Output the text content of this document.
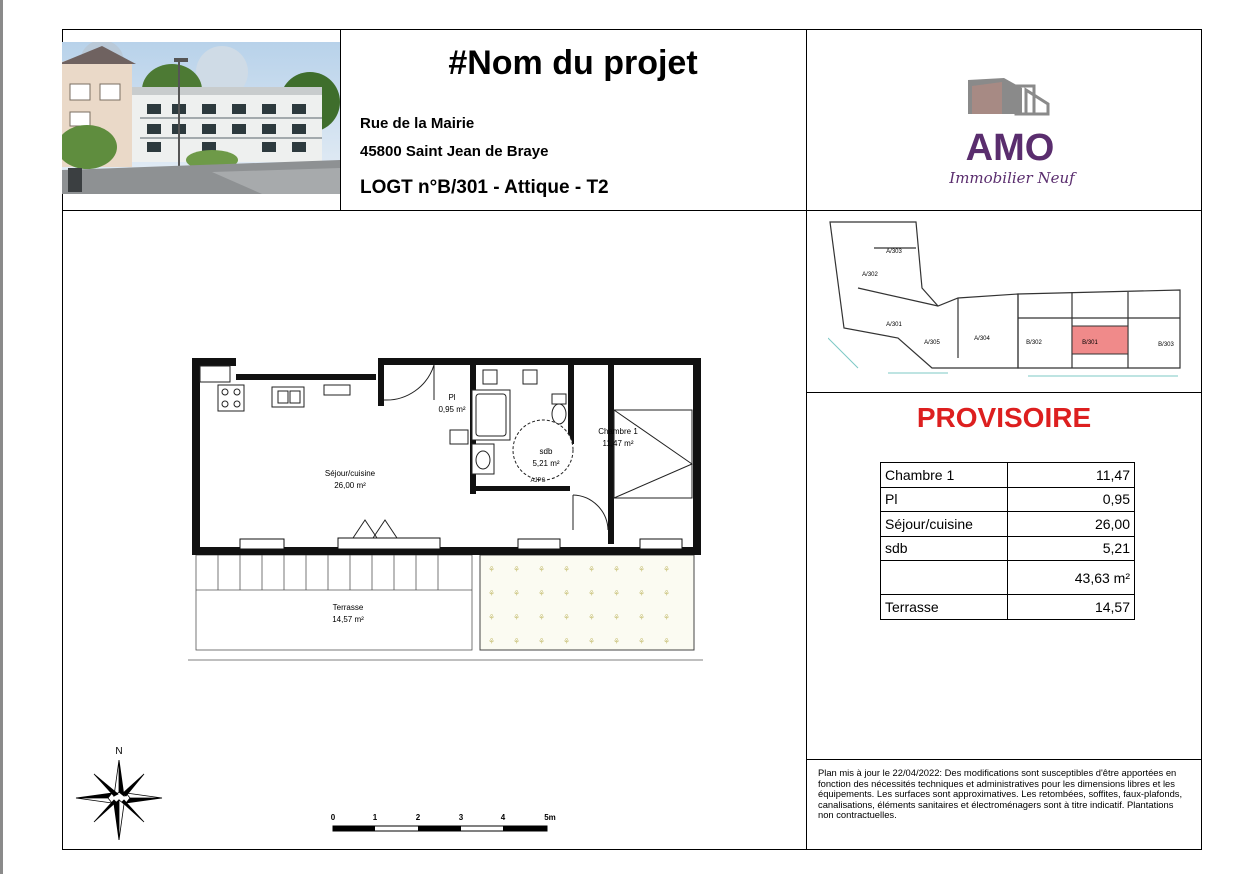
#Nom du projet
Rue de la Mairie
45800 Saint Jean de Braye
LOGT n°B/301 - Attique - T2
AMO
Immobilier Neuf
⚘ ⚘ ⚘ ⚘ ⚘ ⚘ ⚘ ⚘
⚘ ⚘ ⚘ ⚘ ⚘ ⚘ ⚘ ⚘
⚘ ⚘ ⚘ ⚘ ⚘ ⚘ ⚘ ⚘
⚘ ⚘ ⚘ ⚘ ⚘ ⚘ ⚘ ⚘
Séjour/cuisine
26,00 m²
Pl
0,95 m²
sdb
5,21 m²
Chambre 1
11,47 m²
Terrasse
14,57 m²
AJPS
A/303
A/302
A/301
A/305
A/304
B/302	B/301	B/303
PROVISOIRE
Chambre 1	11,47
Pl	0,95
Séjour/cuisine	26,00
sdb	5,21
	43,63 m²
Terrasse	14,57
Plan mis à jour le 22/04/2022: Des modifications sont susceptibles d'être apportées en fonction des nécessités techniques et administratives pour les dimensions libres et les équipements. Les surfaces sont approximatives. Les retombées, soffites, faux-plafonds, canalisations, éléments sanitaires et électroménagers sont à titre indicatif. Plantations non contractuelles.
N
0	1	2	3	4	5m
